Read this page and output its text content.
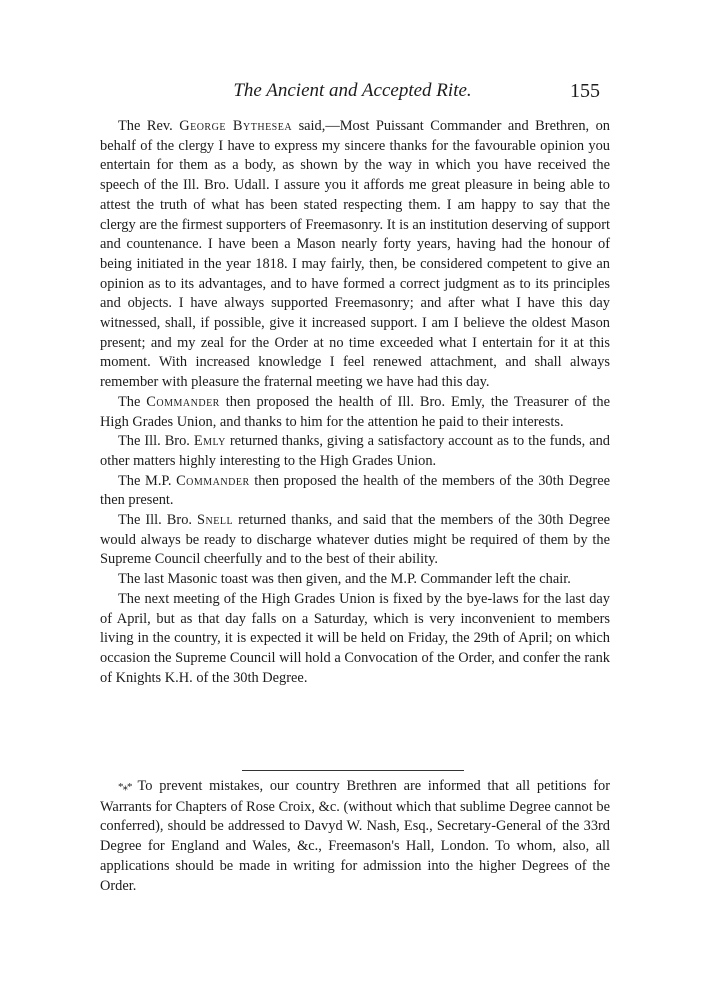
The Ancient and Accepted Rite.	155

The Rev. George Bythesea said,—Most Puissant Commander and Brethren, on behalf of the clergy I have to express my sincere thanks for the favourable opinion you entertain for them as a body, as shown by the way in which you have received the speech of the Ill. Bro. Udall. I assure you it affords me great pleasure in being able to attest the truth of what has been stated respecting them. I am happy to say that the clergy are the firmest supporters of Freemasonry. It is an institution deserving of support and countenance. I have been a Mason nearly forty years, having had the honour of being initiated in the year 1818. I may fairly, then, be considered competent to give an opinion as to its advantages, and to have formed a correct judgment as to its principles and objects. I have always supported Freemasonry; and after what I have this day witnessed, shall, if possible, give it increased support. I am I believe the oldest Mason present; and my zeal for the Order at no time exceeded what I entertain for it at this moment. With increased knowledge I feel renewed attachment, and shall always remember with pleasure the fraternal meeting we have had this day.

The Commander then proposed the health of Ill. Bro. Emly, the Treasurer of the High Grades Union, and thanks to him for the attention he paid to their interests.

The Ill. Bro. Emly returned thanks, giving a satisfactory account as to the funds, and other matters highly interesting to the High Grades Union.

The M.P. Commander then proposed the health of the members of the 30th Degree then present.

The Ill. Bro. Snell returned thanks, and said that the members of the 30th Degree would always be ready to discharge whatever duties might be required of them by the Supreme Council cheerfully and to the best of their ability.

The last Masonic toast was then given, and the M.P. Commander left the chair.

The next meeting of the High Grades Union is fixed by the bye-laws for the last day of April, but as that day falls on a Saturday, which is very inconvenient to members living in the country, it is expected it will be held on Friday, the 29th of April; on which occasion the Supreme Council will hold a Convocation of the Order, and confer the rank of Knights K.H. of the 30th Degree.

*⁎* To prevent mistakes, our country Brethren are informed that all petitions for Warrants for Chapters of Rose Croix, &c. (without which that sublime Degree cannot be conferred), should be addressed to Davyd W. Nash, Esq., Secretary-General of the 33rd Degree for England and Wales, &c., Freemason's Hall, London. To whom, also, all applications should be made in writing for admission into the higher Degrees of the Order.
